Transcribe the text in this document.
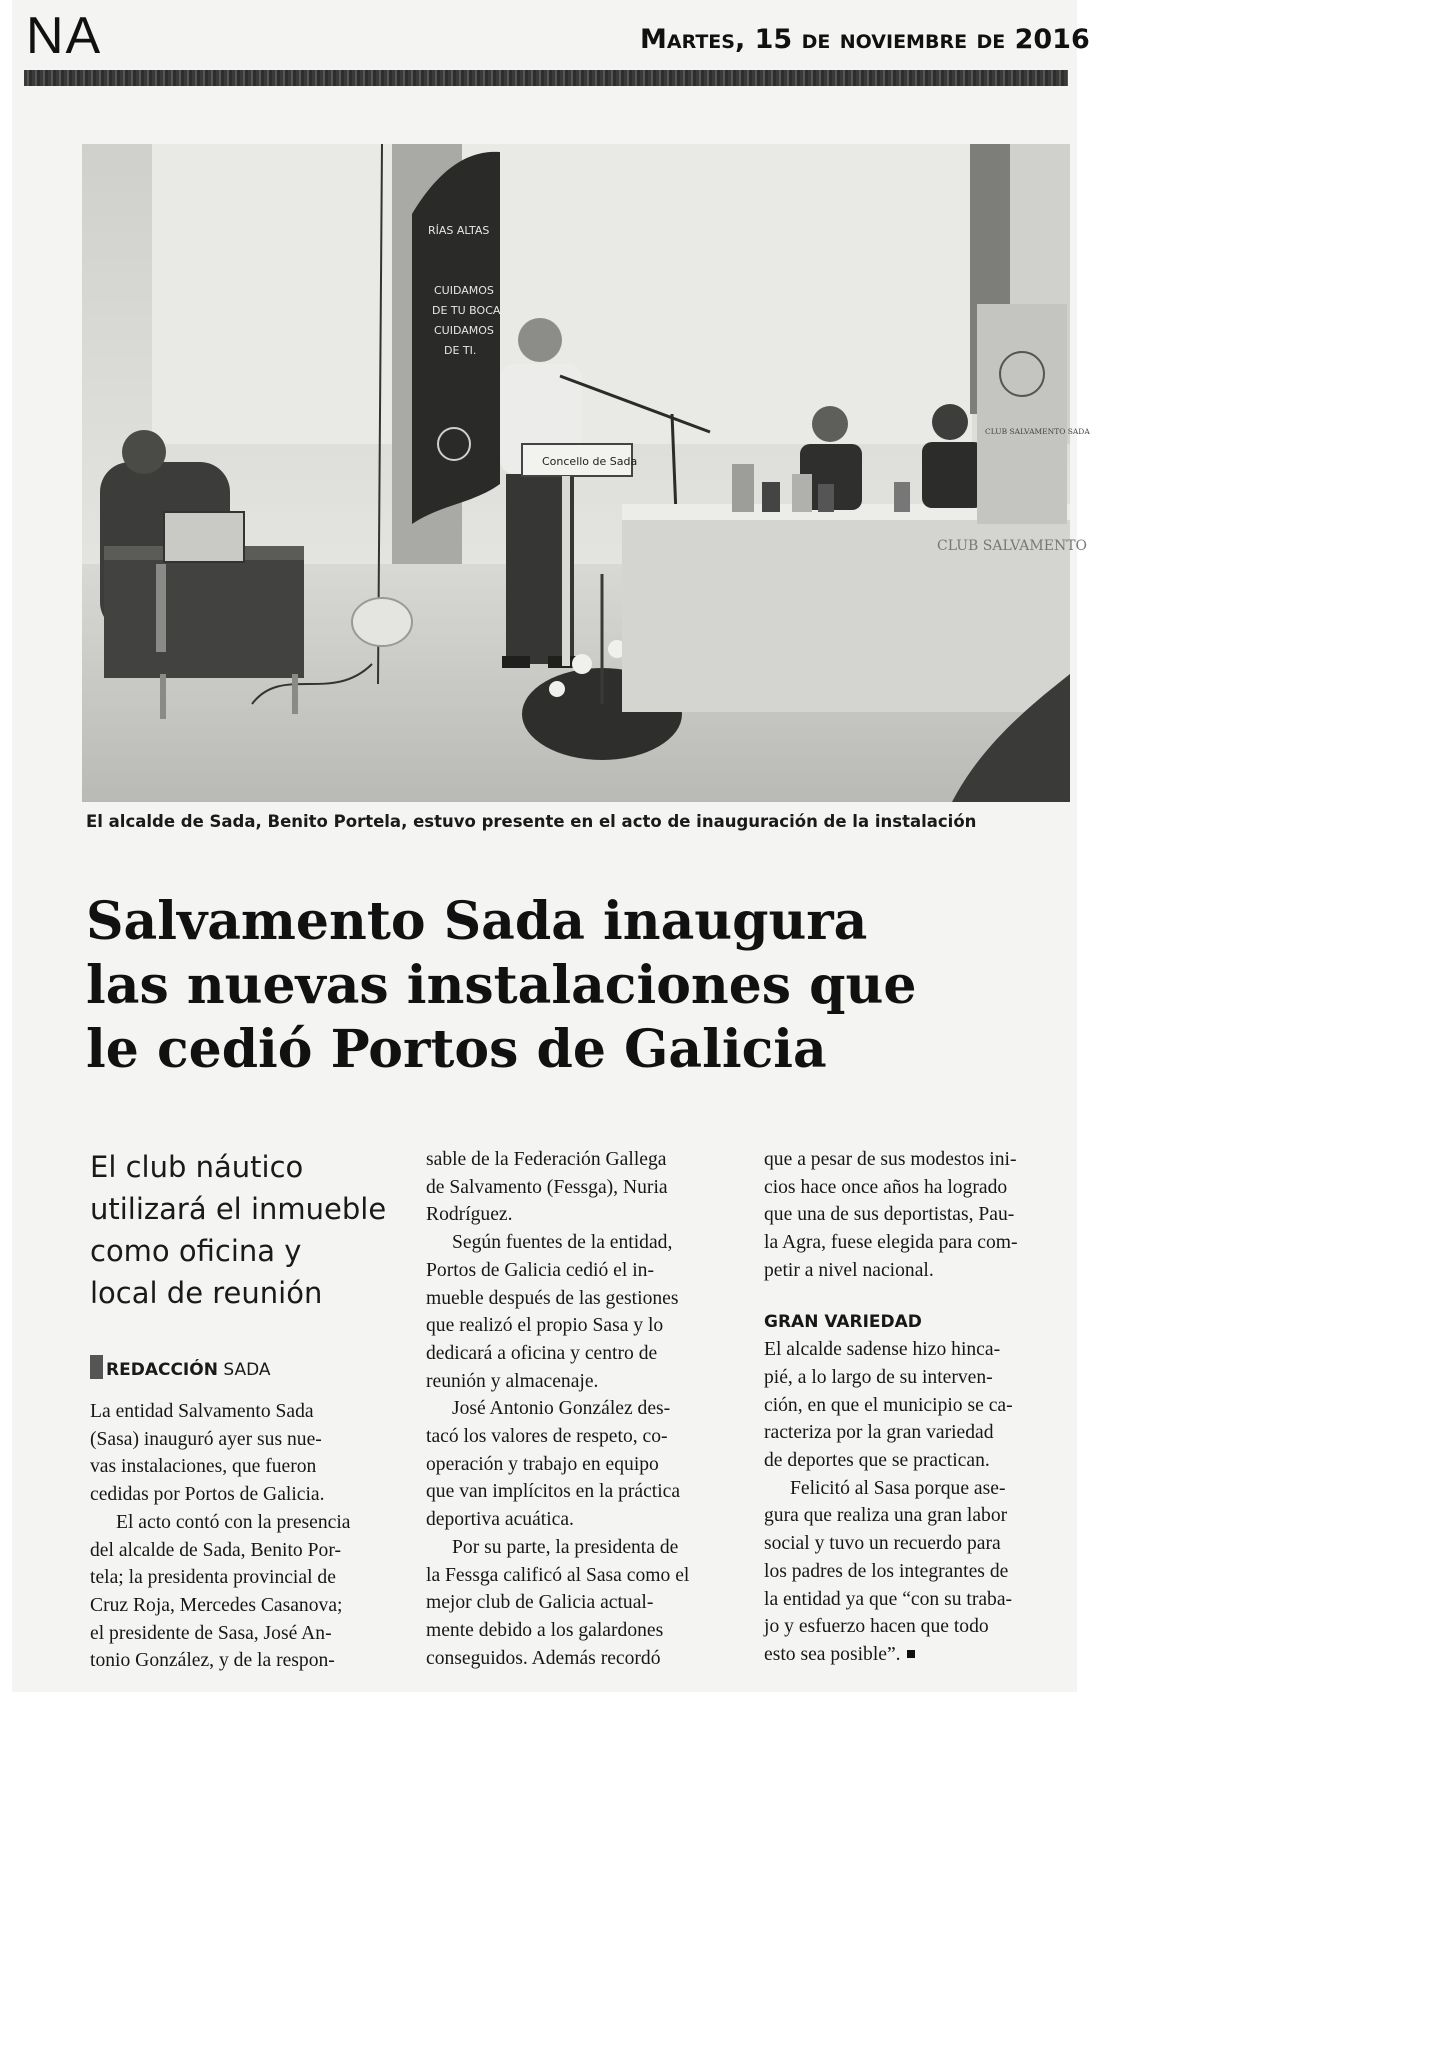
NA	Martes, 15 de noviembre de 2016
RÍAS ALTAS
CUIDAMOS
DE TU BOCA.
CUIDAMOS
DE TI.
Concello de Sada
CLUB SALVAMENTO
CLUB SALVAMENTO SADA
El alcalde de Sada, Benito Portela, estuvo presente en el acto de inauguración de la instalación
Salvamento Sada inaugura
las nuevas instalaciones que
le cedió Portos de Galicia
El club náutico
utilizará el inmueble
como oficina y
local de reunión
REDACCIÓN SADA

La entidad Salvamento Sada

(Sasa) inauguró ayer sus nue-

vas instalaciones, que fueron

cedidas por Portos de Galicia.

El acto contó con la presencia

del alcalde de Sada, Benito Por-

tela; la presidenta provincial de

Cruz Roja, Mercedes Casanova;

el presidente de Sasa, José An-

tonio González, y de la respon-

sable de la Federación Gallega

de Salvamento (Fessga), Nuria

Rodríguez.

Según fuentes de la entidad,

Portos de Galicia cedió el in-

mueble después de las gestiones

que realizó el propio Sasa y lo

dedicará a oficina y centro de

reunión y almacenaje.

José Antonio González des-

tacó los valores de respeto, co-

operación y trabajo en equipo

que van implícitos en la práctica

deportiva acuática.

Por su parte, la presidenta de

la Fessga calificó al Sasa como el

mejor club de Galicia actual-

mente debido a los galardones

conseguidos. Además recordó

que a pesar de sus modestos ini-

cios hace once años ha logrado

que una de sus deportistas, Pau-

la Agra, fuese elegida para com-

petir a nivel nacional.

GRAN VARIEDAD

El alcalde sadense hizo hinca-

pié, a lo largo de su interven-

ción, en que el municipio se ca-

racteriza por la gran variedad

de deportes que se practican.

Felicitó al Sasa porque ase-

gura que realiza una gran labor

social y tuvo un recuerdo para

los padres de los integrantes de

la entidad ya que “con su traba-

jo y esfuerzo hacen que todo

esto sea posible”.
